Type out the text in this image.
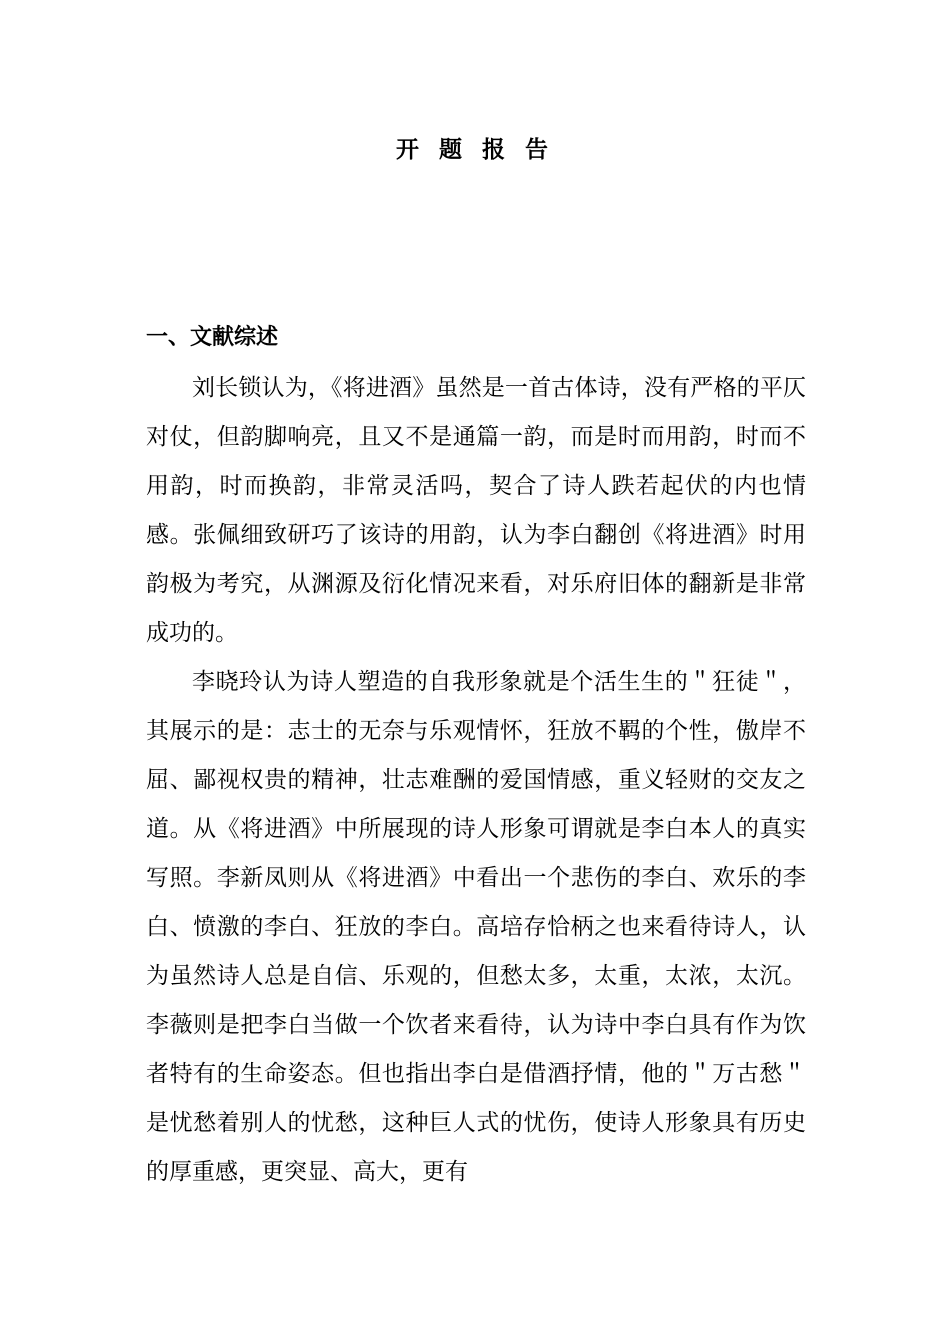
开 题 报 告
一、文献综述

刘长锁认为，《将进酒》虽然是一首古体诗，没有严格的平仄对仗，但韵脚响亮，且又不是通篇一韵，而是时而用韵，时而不用韵，时而换韵，非常灵活吗，契合了诗人跌若起伏的内也情感。张佩细致研巧了该诗的用韵，认为李白翻创《将进酒》时用韵极为考究，从渊源及衍化情况来看，对乐府旧体的翻新是非常成功的。

李晓玲认为诗人塑造的自我形象就是个活生生的＂狂徒＂，其展示的是：志士的无奈与乐观情怀，狂放不羁的个性，傲岸不屈、鄙视权贵的精神，壮志难酬的爱国情感，重义轻财的交友之道。从《将进酒》中所展现的诗人形象可谓就是李白本人的真实写照。李新凤则从《将进酒》中看出一个悲伤的李白、欢乐的李白、愤激的李白、狂放的李白。高培存恰柄之也来看待诗人，认为虽然诗人总是自信、乐观的，但愁太多，太重，太浓，太沉。李薇则是把李白当做一个饮者来看待，认为诗中李白具有作为饮者特有的生命姿态。但也指出李白是借酒抒情，他的＂万古愁＂是忧愁着别人的忧愁，这种巨人式的忧伤，使诗人形象具有历史的厚重感，更突显、高大，更有
